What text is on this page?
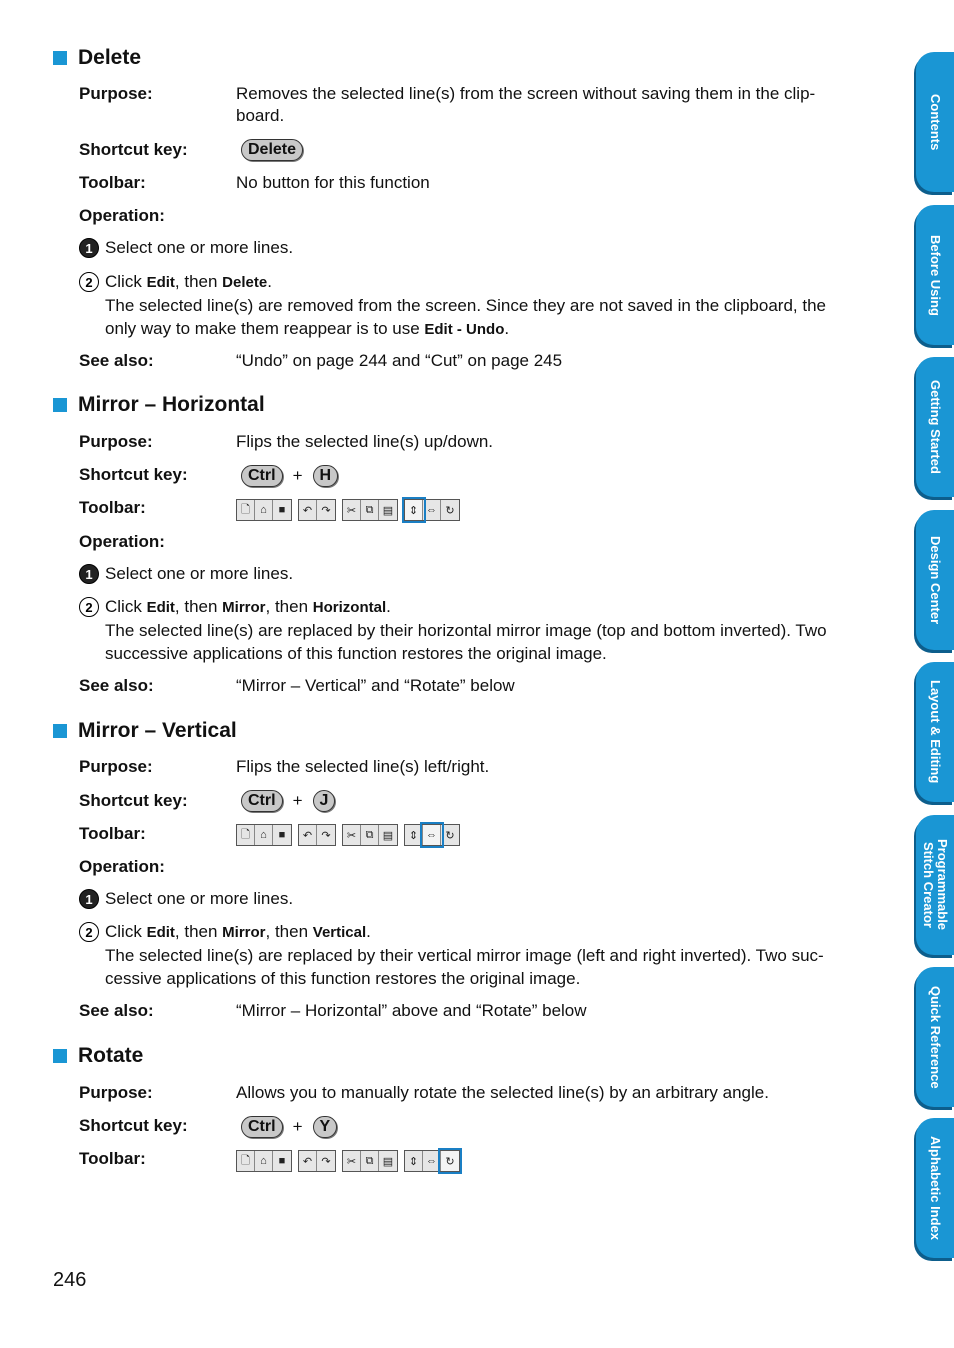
Delete
Purpose:	Removes the selected line(s) from the screen without saving them in the clip-
board.
Shortcut key:	Delete
Toolbar:	No button for this function
Operation:
1 Select one or more lines.
2 Click Edit, then Delete.
The selected line(s) are removed from the screen. Since they are not saved in the clipboard, the
only way to make them reappear is to use Edit - Undo.
See also:	“Undo” on page 244 and “Cut” on page 245
Mirror – Horizontal
Purpose:	Flips the selected line(s) up/down.
Shortcut key:	Ctrl	+	H
Toolbar:	🗋 ⌂	■	↶ ↷	✂ ⧉ ▤	⇕ ⇔ ↻
Operation:
1 Select one or more lines.
2 Click Edit, then Mirror, then Horizontal.
The selected line(s) are replaced by their horizontal mirror image (top and bottom inverted). Two
successive applications of this function restores the original image.
See also:	“Mirror – Vertical” and “Rotate” below
Mirror – Vertical
Purpose:	Flips the selected line(s) left/right.
Shortcut key:	Ctrl	+	J
Toolbar:	🗋 ⌂	■	↶ ↷	✂ ⧉ ▤	⇕ ⇔ ↻
Operation:
1 Select one or more lines.
2 Click Edit, then Mirror, then Vertical.
The selected line(s) are replaced by their vertical mirror image (left and right inverted). Two suc-
cessive applications of this function restores the original image.
See also:	“Mirror – Horizontal” above and “Rotate” below
Rotate
Purpose:	Allows you to manually rotate the selected line(s) by an arbitrary angle.
Shortcut key:	Ctrl	+	Y
Toolbar:	🗋 ⌂	■	↶ ↷	✂ ⧉ ▤	⇕ ⇔ ↻
Contents
Before Using
Getting Started
Design Center
Layout & Editing
Programmable
Stitch Creator
Quick Reference
Alphabetic Index
246
